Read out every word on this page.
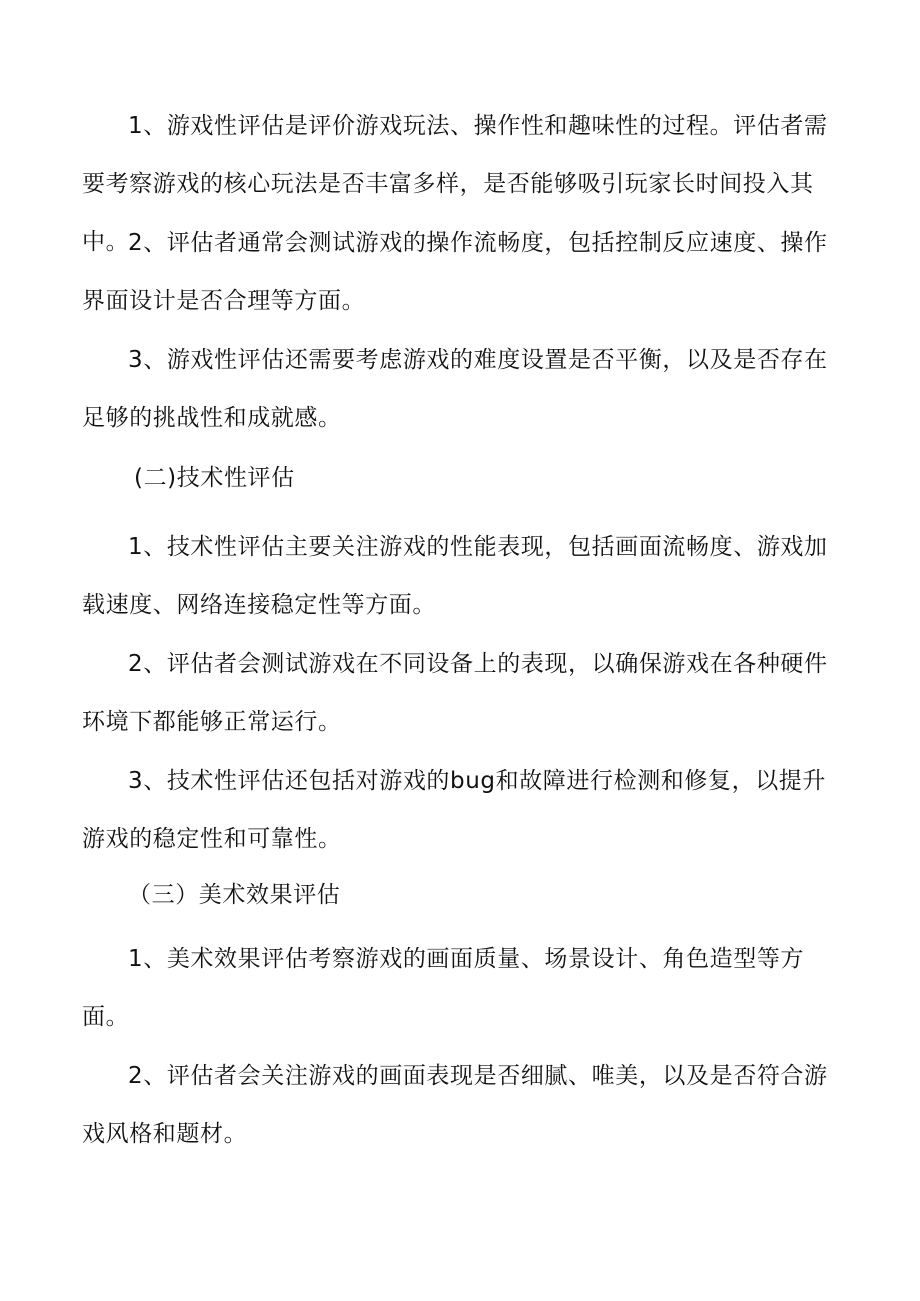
1、游戏性评估是评价游戏玩法、操作性和趣味性的过程。评估者需要考察游戏的核心玩法是否丰富多样，是否能够吸引玩家长时间投入其中。

2、评估者通常会测试游戏的操作流畅度，包括控制反应速度、操作界面设计是否合理等方面。

3、游戏性评估还需要考虑游戏的难度设置是否平衡，以及是否存在足够的挑战性和成就感。

(二)技术性评估

1、技术性评估主要关注游戏的性能表现，包括画面流畅度、游戏加载速度、网络连接稳定性等方面。

2、评估者会测试游戏在不同设备上的表现，以确保游戏在各种硬件环境下都能够正常运行。

3、技术性评估还包括对游戏的bug和故障进行检测和修复，以提升游戏的稳定性和可靠性。

（三）美术效果评估

1、美术效果评估考察游戏的画面质量、场景设计、角色造型等方面。

2、评估者会关注游戏的画面表现是否细腻、唯美，以及是否符合游戏风格和题材。
